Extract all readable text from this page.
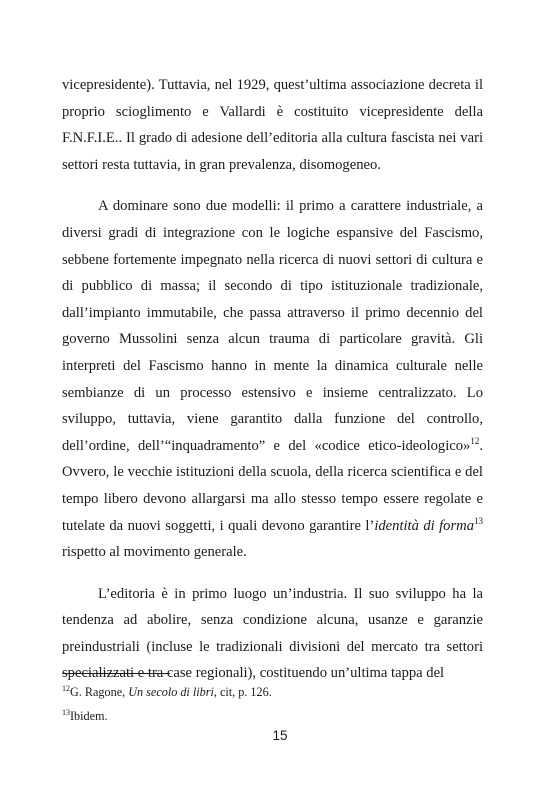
vicepresidente). Tuttavia, nel 1929, quest’ultima associazione decreta il proprio scioglimento e Vallardi è costituito vicepresidente della F.N.F.I.E.. Il grado di adesione dell’editoria alla cultura fascista nei vari settori resta tuttavia, in gran prevalenza, disomogeneo.

A dominare sono due modelli: il primo a carattere industriale, a diversi gradi di integrazione con le logiche espansive del Fascismo, sebbene fortemente impegnato nella ricerca di nuovi settori di cultura e di pubblico di massa; il secondo di tipo istituzionale tradizionale, dall’impianto immutabile, che passa attraverso il primo decennio del governo Mussolini senza alcun trauma di particolare gravità. Gli interpreti del Fascismo hanno in mente la dinamica culturale nelle sembianze di un processo estensivo e insieme centralizzato. Lo sviluppo, tuttavia, viene garantito dalla funzione del controllo, dell’ordine, dell’“inquadramento” e del «codice etico-ideologico»$^{12}$. Ovvero, le vecchie istituzioni della scuola, della ricerca scientifica e del tempo libero devono allargarsi ma allo stesso tempo essere regolate e tutelate da nuovi soggetti, i quali devono garantire l’identità di forma$^{13}$ rispetto al movimento generale.

L’editoria è in primo luogo un’industria. Il suo sviluppo ha la tendenza ad abolire, senza condizione alcuna, usanze e garanzie preindustriali (incluse le tradizionali divisioni del mercato tra settori specializzati e tra case regionali), costituendo un’ultima tappa del

$^{12}$G. Ragone, Un secolo di libri, cit, p. 126.

$^{13}$Ibidem.

15
